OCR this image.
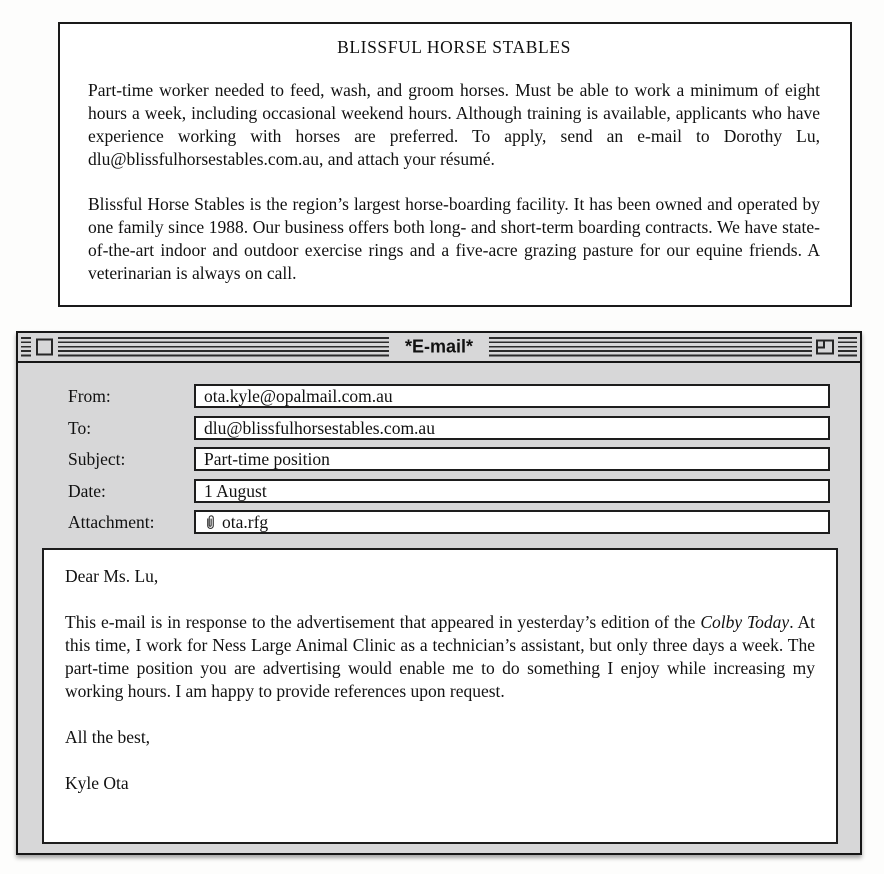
BLISSFUL HORSE STABLES

Part-time worker needed to feed, wash, and groom horses. Must be able to work a minimum of eight hours a week, including occasional weekend hours. Although training is available, applicants who have experience working with horses are preferred. To apply, send an e-mail to Dorothy Lu, dlu@blissfulhorsestables.com.au, and attach your résumé.

Blissful Horse Stables is the region’s largest horse-boarding facility. It has been owned and operated by one family since 1988. Our business offers both long- and short-term boarding contracts. We have state-of-the-art indoor and outdoor exercise rings and a five-acre grazing pasture for our equine friends. A veterinarian is always on call.

*E-mail*
From:	ota.kyle@opalmail.com.au
To:	dlu@blissfulhorsestables.com.au
Subject:	Part-time position
Date:	1 August
Attachment:	ota.rfg

Dear Ms. Lu,

This e-mail is in response to the advertisement that appeared in yesterday’s edition of the Colby Today. At this time, I work for Ness Large Animal Clinic as a technician’s assistant, but only three days a week. The part-time position you are advertising would enable me to do something I enjoy while increasing my working hours. I am happy to provide references upon request.

All the best,

Kyle Ota
